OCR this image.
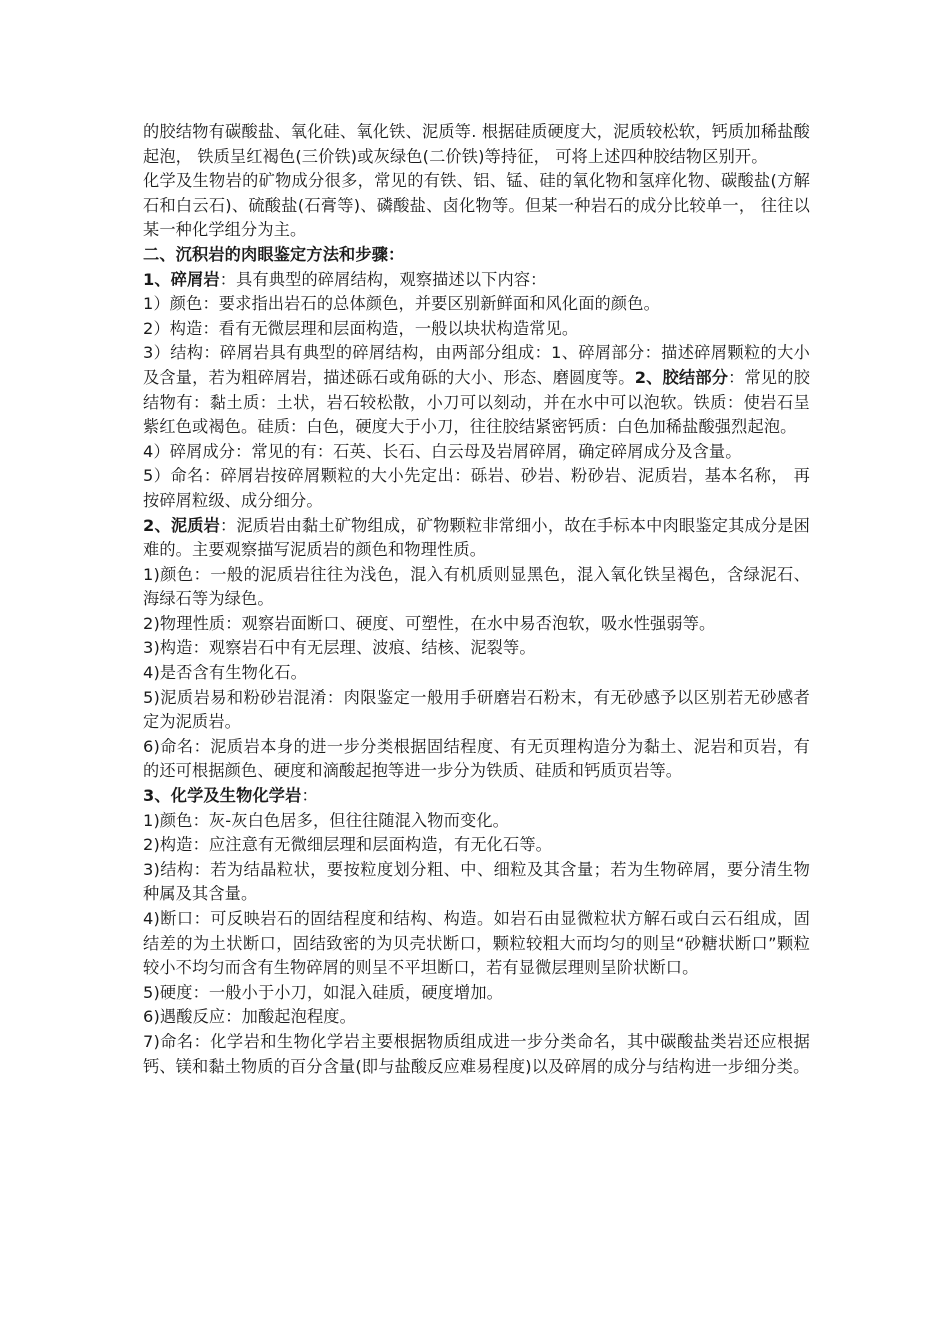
的胶结物有碳酸盐、氧化硅、氧化铁、泥质等. 根据硅质硬度大，泥质较松软，钙质加稀盐酸起泡， 铁质呈红褐色(三价铁)或灰绿色(二价铁)等持征， 可将上述四种胶结物区别开。

化学及生物岩的矿物成分很多，常见的有铁、铝、锰、硅的氧化物和氢痒化物、碳酸盐(方解石和白云石)、硫酸盐(石膏等)、磷酸盐、卤化物等。但某一种岩石的成分比较单一， 往往以某一种化学组分为主。

二、沉积岩的肉眼鉴定方法和步骤：

1、碎屑岩：具有典型的碎屑结构，观察描述以下内容：

1）颜色：要求指出岩石的总体颜色，并要区别新鲜面和风化面的颜色。

2）构造：看有无微层理和层面构造，一般以块状构造常见。

3）结构：碎屑岩具有典型的碎屑结构，由两部分组成：1、碎屑部分：描述碎屑颗粒的大小及含量，若为粗碎屑岩，描述砾石或角砾的大小、形态、磨圆度等。2、胶结部分：常见的胶结物有：黏土质：土状，岩石较松散，小刀可以刻动，并在水中可以泡软。铁质：使岩石呈紫红色或褐色。硅质：白色，硬度大于小刀，往往胶结紧密钙质：白色加稀盐酸强烈起泡。

4）碎屑成分：常见的有：石英、长石、白云母及岩屑碎屑，确定碎屑成分及含量。

5）命名：碎屑岩按碎屑颗粒的大小先定出：砾岩、砂岩、粉砂岩、泥质岩，基本名称， 再按碎屑粒级、成分细分。

2、泥质岩：泥质岩由黏土矿物组成，矿物颗粒非常细小，故在手标本中肉眼鉴定其成分是困难的。主要观察描写泥质岩的颜色和物理性质。

1)颜色：一般的泥质岩往往为浅色，混入有机质则显黑色，混入氧化铁呈褐色，含绿泥石、海绿石等为绿色。

2)物理性质：观察岩面断口、硬度、可塑性，在水中易否泡软，吸水性强弱等。

3)构造：观察岩石中有无层理、波痕、结核、泥裂等。

4)是否含有生物化石。

5)泥质岩易和粉砂岩混淆：肉限鉴定一般用手研磨岩石粉末，有无砂感予以区别若无砂感者定为泥质岩。

6)命名：泥质岩本身的进一步分类根据固结程度、有无页理构造分为黏土、泥岩和页岩，有的还可根据颜色、硬度和滴酸起抱等进一步分为铁质、硅质和钙质页岩等。

3、化学及生物化学岩：

1)颜色：灰-灰白色居多，但往往随混入物而变化。

2)构造：应注意有无微细层理和层面构造，有无化石等。

3)结构：若为结晶粒状，要按粒度划分粗、中、细粒及其含量；若为生物碎屑，要分清生物种属及其含量。

4)断口：可反映岩石的固结程度和结构、构造。如岩石由显微粒状方解石或白云石组成，固结差的为土状断口，固结致密的为贝壳状断口，颗粒较粗大而均匀的则呈“砂糖状断口”颗粒较小不均匀而含有生物碎屑的则呈不平坦断口，若有显微层理则呈阶状断口。

5)硬度：一般小于小刀，如混入硅质，硬度增加。

6)遇酸反应：加酸起泡程度。

7)命名：化学岩和生物化学岩主要根据物质组成进一步分类命名，其中碳酸盐类岩还应根据钙、镁和黏土物质的百分含量(即与盐酸反应难易程度)以及碎屑的成分与结构进一步细分类。
